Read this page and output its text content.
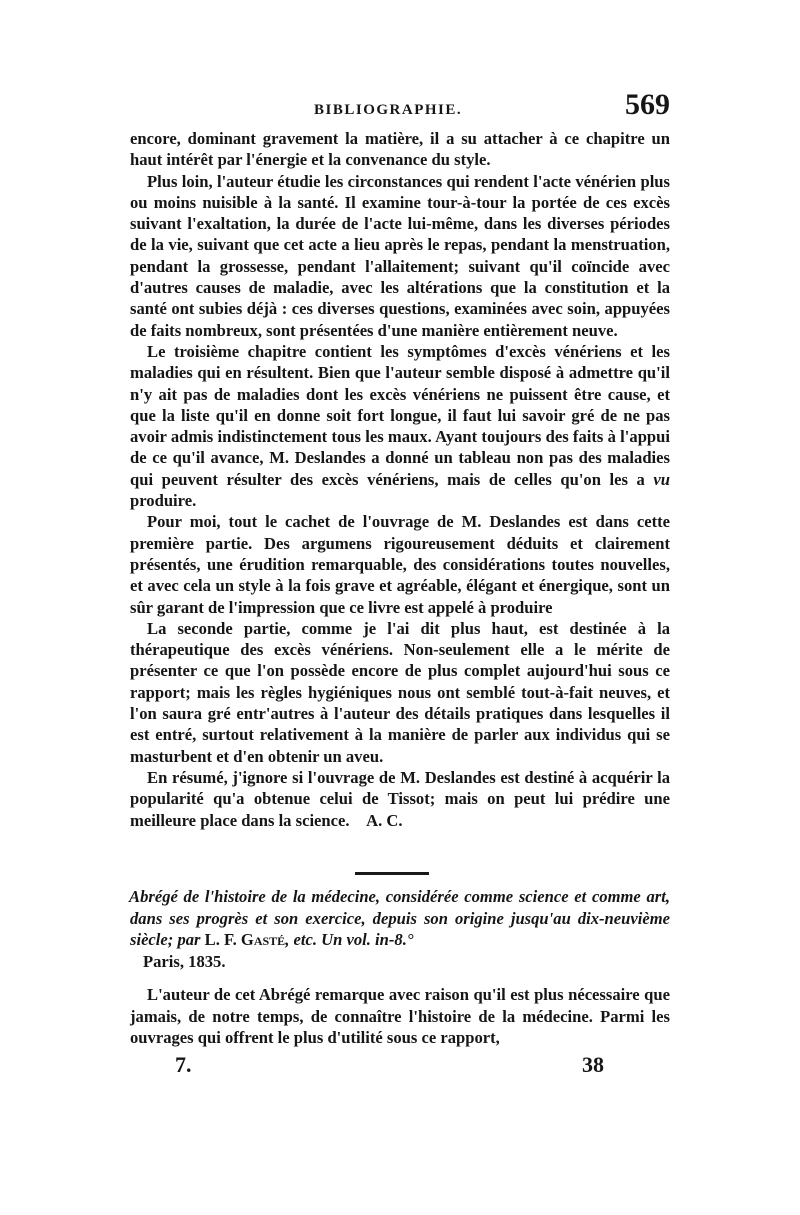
BIBLIOGRAPHIE.	569

encore, dominant gravement la matière, il a su attacher à ce chapitre un haut intérêt par l'énergie et la convenance du style.

Plus loin, l'auteur étudie les circonstances qui rendent l'acte vénérien plus ou moins nuisible à la santé. Il examine tour-à-tour la portée de ces excès suivant l'exaltation, la durée de l'acte lui-même, dans les diverses périodes de la vie, suivant que cet acte a lieu après le repas, pendant la menstruation, pendant la grossesse, pendant l'allaitement; suivant qu'il coïncide avec d'autres causes de maladie, avec les altérations que la constitution et la santé ont subies déjà : ces diverses questions, examinées avec soin, appuyées de faits nombreux, sont présentées d'une manière entièrement neuve.

Le troisième chapitre contient les symptômes d'excès vénériens et les maladies qui en résultent. Bien que l'auteur semble disposé à admettre qu'il n'y ait pas de maladies dont les excès vénériens ne puissent être cause, et que la liste qu'il en donne soit fort longue, il faut lui savoir gré de ne pas avoir admis indistinctement tous les maux. Ayant toujours des faits à l'appui de ce qu'il avance, M. Deslandes a donné un tableau non pas des maladies qui peuvent résulter des excès vénériens, mais de celles qu'on les a vu produire.

Pour moi, tout le cachet de l'ouvrage de M. Deslandes est dans cette première partie. Des argumens rigoureusement déduits et clairement présentés, une érudition remarquable, des considérations toutes nouvelles, et avec cela un style à la fois grave et agréable, élégant et énergique, sont un sûr garant de l'impression que ce livre est appelé à produire

La seconde partie, comme je l'ai dit plus haut, est destinée à la thérapeutique des excès vénériens. Non-seulement elle a le mérite de présenter ce que l'on possède encore de plus complet aujourd'hui sous ce rapport; mais les règles hygiéniques nous ont semblé tout-à-fait neuves, et l'on saura gré entr'autres à l'auteur des détails pratiques dans lesquelles il est entré, surtout relativement à la manière de parler aux individus qui se masturbent et d'en obtenir un aveu.

En résumé, j'ignore si l'ouvrage de M. Deslandes est destiné à acquérir la popularité qu'a obtenue celui de Tissot; mais on peut lui prédire une meilleure place dans la science. A. C.

Abrégé de l'histoire de la médecine, considérée comme science et comme art, dans ses progrès et son exercice, depuis son origine jusqu'au dix-neuvième siècle; par L. F. Gasté, etc. Un vol. in-8.°
Paris, 1835.

L'auteur de cet Abrégé remarque avec raison qu'il est plus nécessaire que jamais, de notre temps, de connaître l'histoire de la médecine. Parmi les ouvrages qui offrent le plus d'utilité sous ce rapport,

7.	38
